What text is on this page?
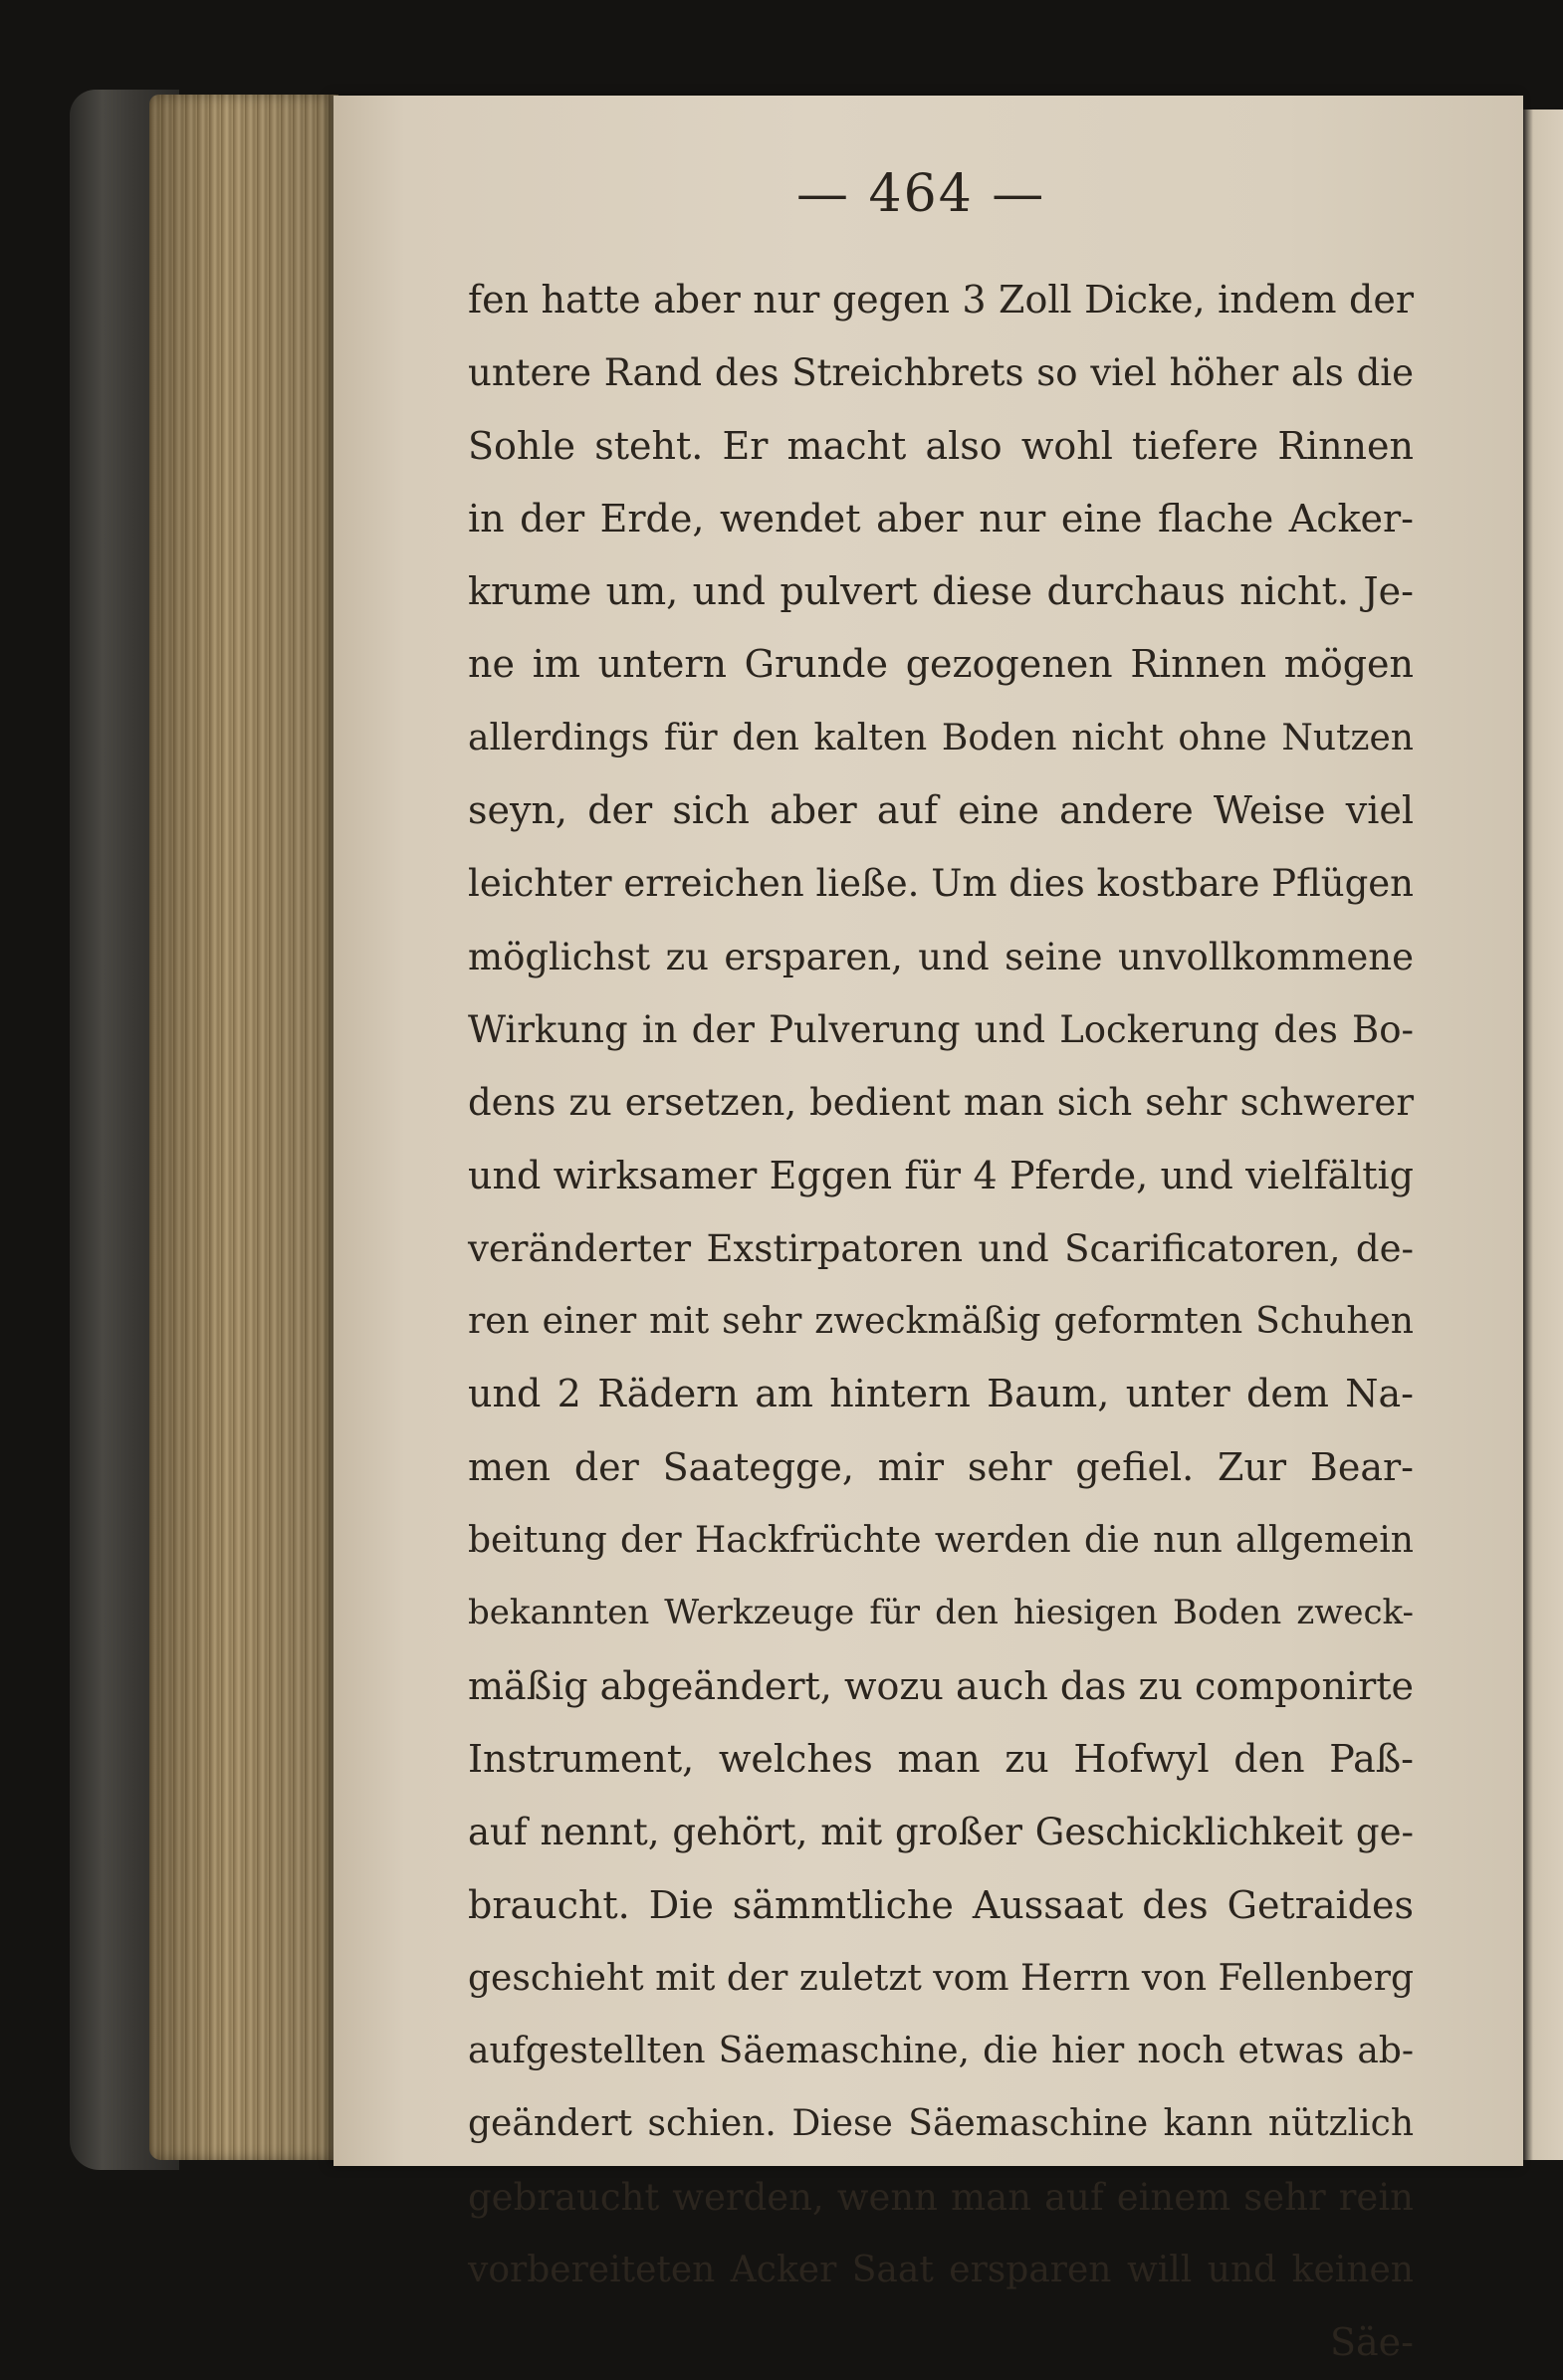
— 464 —
fen hatte aber nur gegen 3 Zoll Dicke, indem der
untere Rand des Streichbrets so viel höher als die
Sohle steht. Er macht also wohl tiefere Rinnen
in der Erde, wendet aber nur eine flache Acker-
krume um, und pulvert diese durchaus nicht. Je-
ne im untern Grunde gezogenen Rinnen mögen
allerdings für den kalten Boden nicht ohne Nutzen
seyn, der sich aber auf eine andere Weise viel
leichter erreichen ließe. Um dies kostbare Pflügen
möglichst zu ersparen, und seine unvollkommene
Wirkung in der Pulverung und Lockerung des Bo-
dens zu ersetzen, bedient man sich sehr schwerer
und wirksamer Eggen für 4 Pferde, und vielfältig
veränderter Exstirpatoren und Scarificatoren, de-
ren einer mit sehr zweckmäßig geformten Schuhen
und 2 Rädern am hintern Baum, unter dem Na-
men der Saategge, mir sehr gefiel. Zur Bear-
beitung der Hackfrüchte werden die nun allgemein
bekannten Werkzeuge für den hiesigen Boden zweck-
mäßig abgeändert, wozu auch das zu componirte
Instrument, welches man zu Hofwyl den Paß-
auf nennt, gehört, mit großer Geschicklichkeit ge-
braucht. Die sämmtliche Aussaat des Getraides
geschieht mit der zuletzt vom Herrn von Fellenberg
aufgestellten Säemaschine, die hier noch etwas ab-
geändert schien. Diese Säemaschine kann nützlich
gebraucht werden, wenn man auf einem sehr rein
vorbereiteten Acker Saat ersparen will und keinen
Säe-
